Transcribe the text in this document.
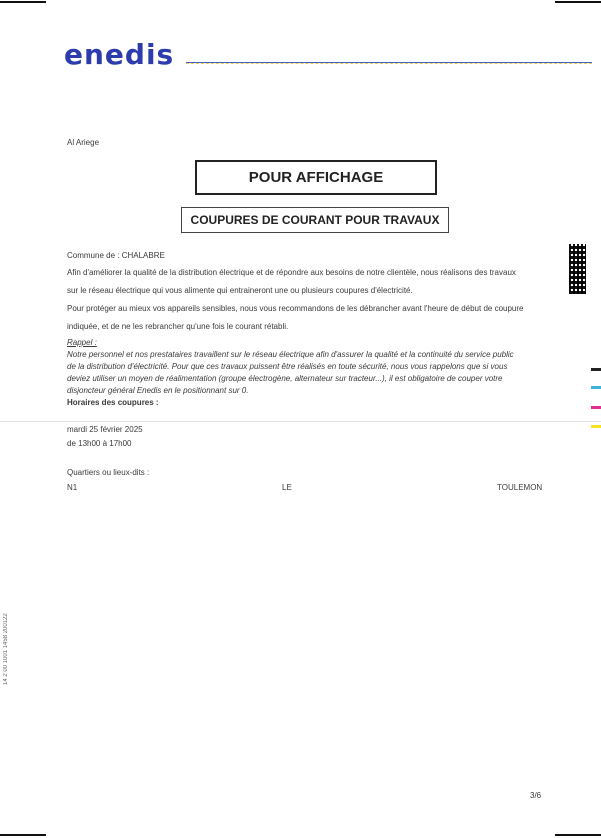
enedis
Al Ariege
POUR AFFICHAGE
COUPURES DE COURANT POUR TRAVAUX
Commune de : CHALABRE
Afin d'améliorer la qualité de la distribution électrique et de répondre aux besoins de notre clientèle, nous réalisons des travaux
sur le réseau électrique qui vous alimente qui entraineront une ou plusieurs coupures d'électricité.
Pour protéger au mieux vos appareils sensibles, nous vous recommandons de les débrancher avant l'heure de début de coupure
indiquée, et de ne les rebrancher qu'une fois le courant rétabli.
Rappel :
Notre personnel et nos prestataires travaillent sur le réseau électrique afin d'assurer la qualité et la continuité du service public
de la distribution d'électricité. Pour que ces travaux puissent être réalisés en toute sécurité, nous vous rappelons que si vous
deviez utiliser un moyen de réalimentation (groupe électrogène, alternateur sur tracteur...), il est obligatoire de couper votre
disjoncteur général Enedis en le positionnant sur 0.
Horaires des coupures :
mardi 25 février 2025
de 13h00 à 17h00
Quartiers ou lieux-dits :
N1	LE	TOULEMON
14 2 00 1001 1458 200122
3/6
